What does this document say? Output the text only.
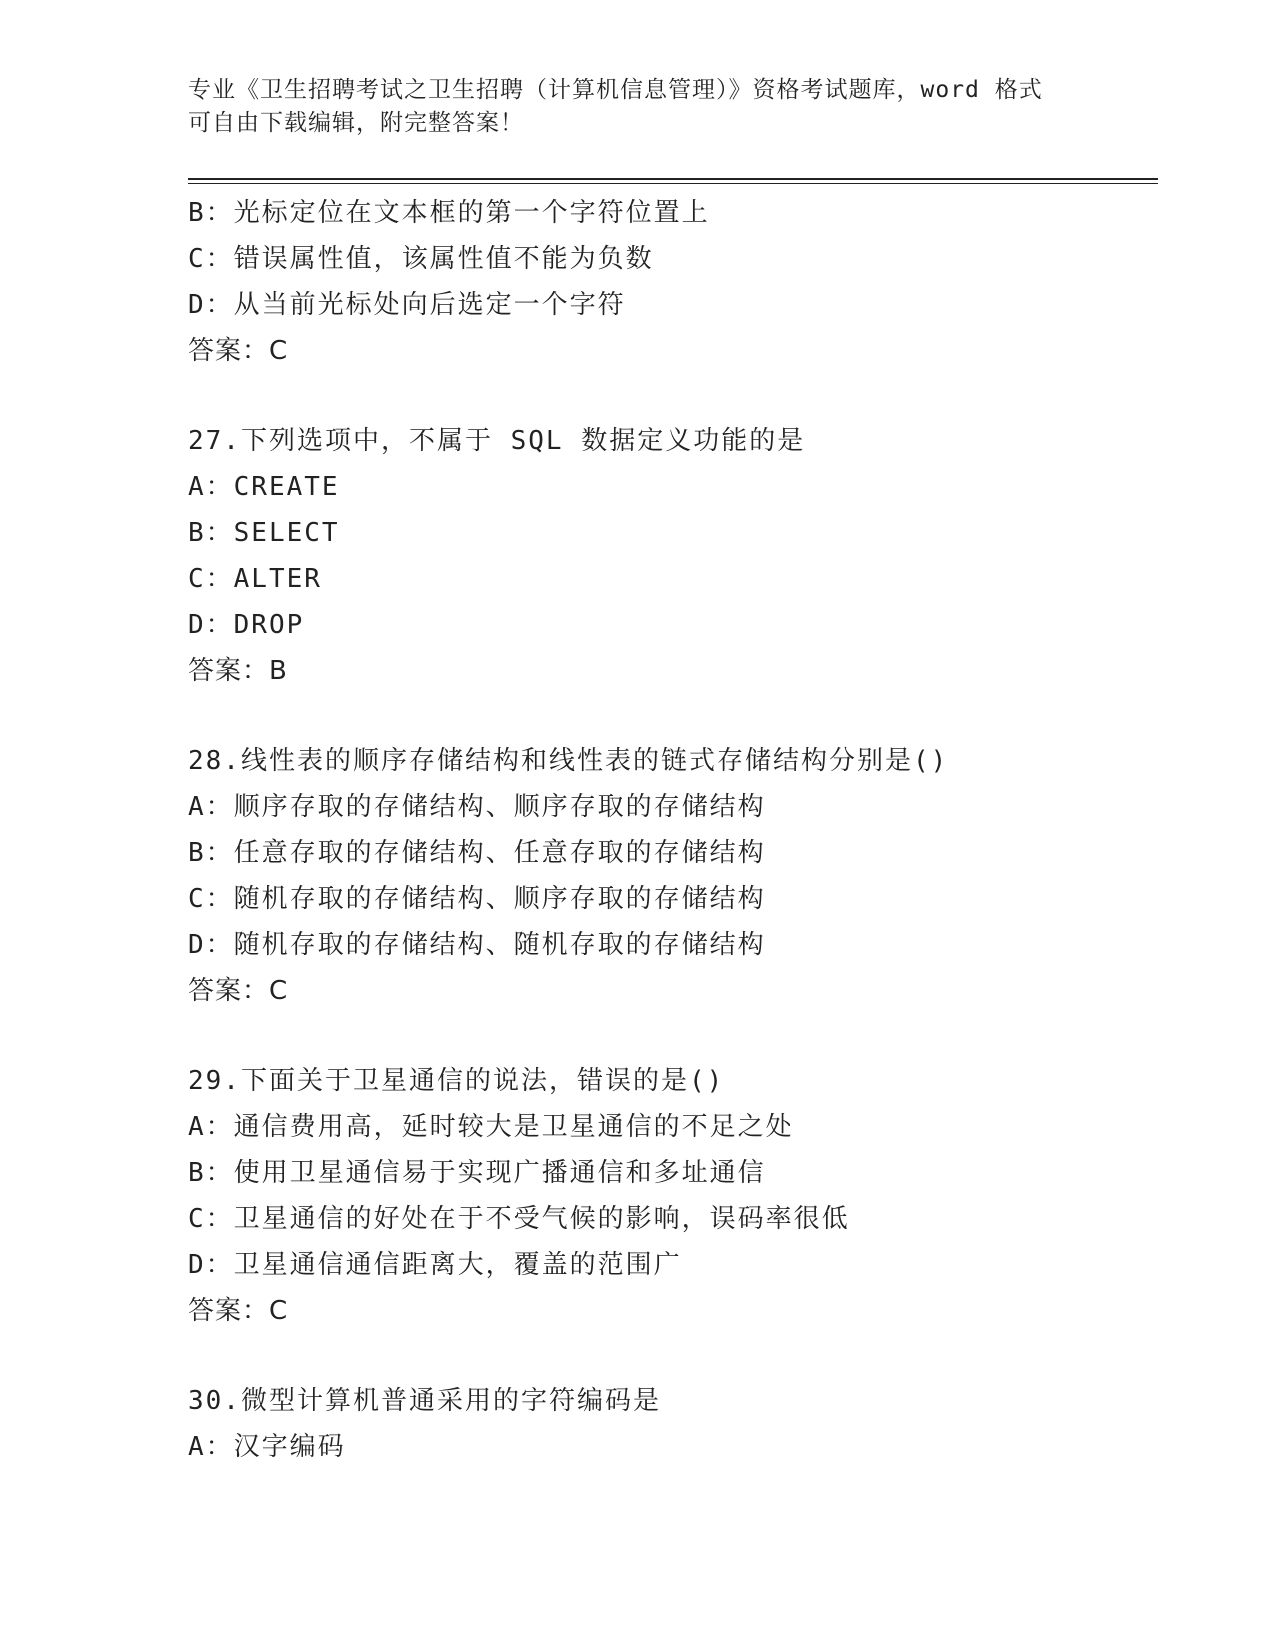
专业《卫生招聘考试之卫生招聘（计算机信息管理）》资格考试题库，word 格式
可自由下载编辑，附完整答案！
B：光标定位在文本框的第一个字符位置上
C：错误属性值，该属性值不能为负数
D：从当前光标处向后选定一个字符
答案：C
27.下列选项中，不属于 SQL 数据定义功能的是
A：CREATE
B：SELECT
C：ALTER
D：DROP
答案：B
28.线性表的顺序存储结构和线性表的链式存储结构分别是()
A：顺序存取的存储结构、顺序存取的存储结构
B：任意存取的存储结构、任意存取的存储结构
C：随机存取的存储结构、顺序存取的存储结构
D：随机存取的存储结构、随机存取的存储结构
答案：C
29.下面关于卫星通信的说法，错误的是()
A：通信费用高，延时较大是卫星通信的不足之处
B：使用卫星通信易于实现广播通信和多址通信
C：卫星通信的好处在于不受气候的影响，误码率很低
D：卫星通信通信距离大，覆盖的范围广
答案：C
30.微型计算机普通采用的字符编码是
A：汉字编码
